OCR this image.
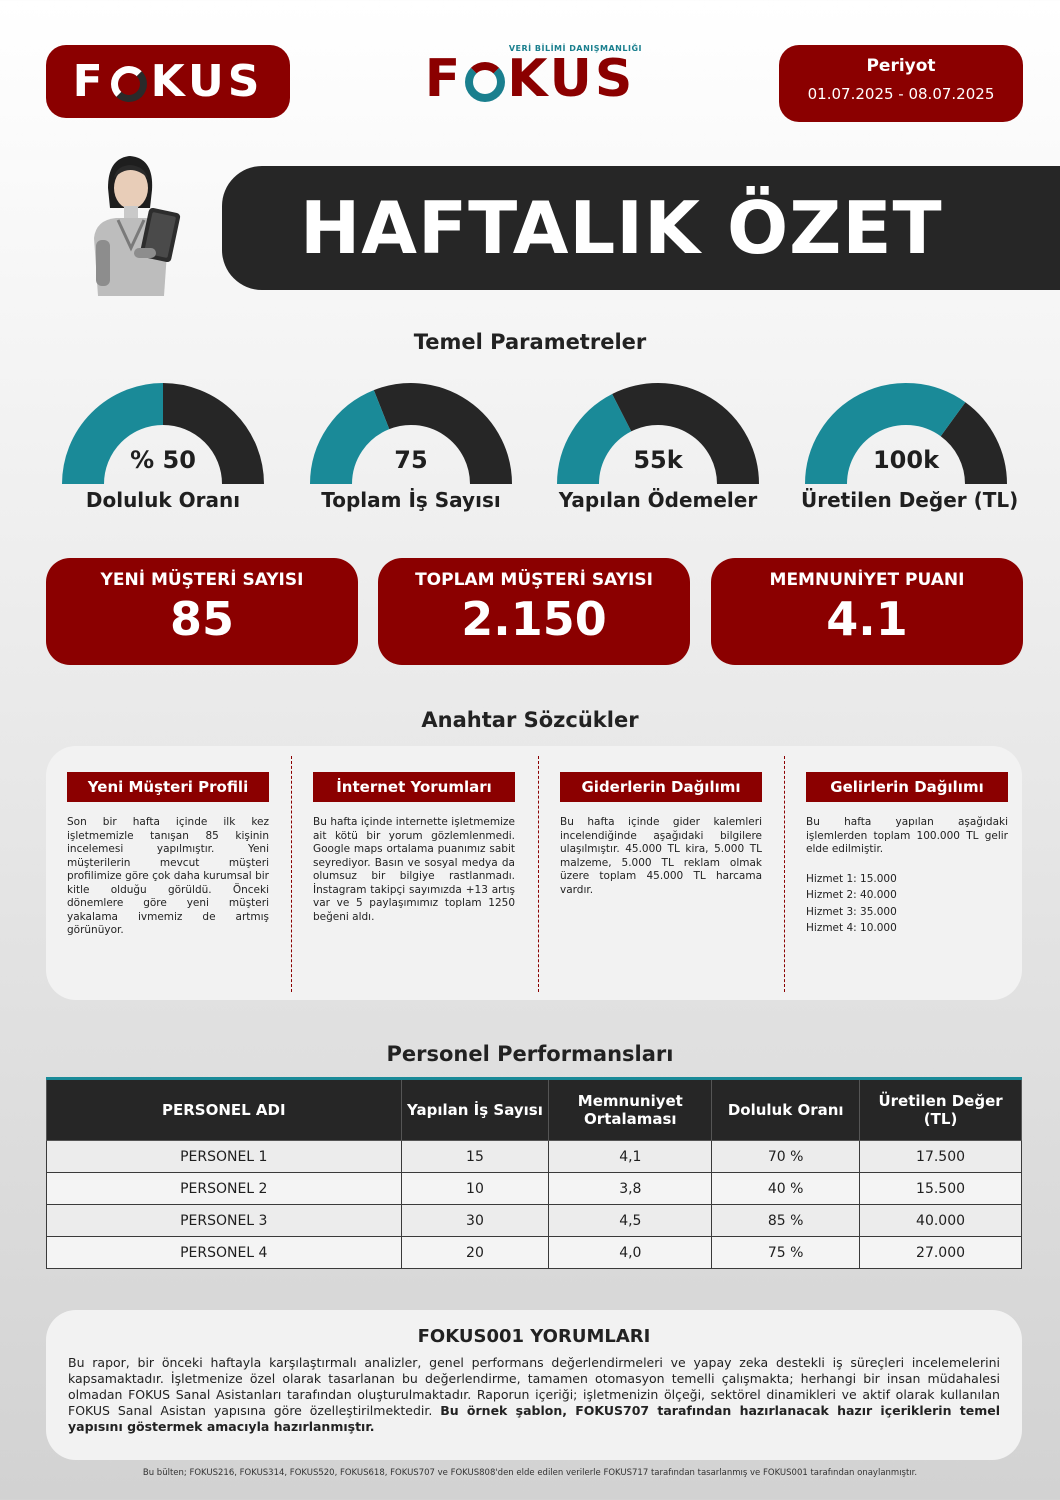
F KUS
VERİ BİLİMİ DANIŞMANLIĞI
F KUS	Periyot
01.07.2025 - 08.07.2025
HAFTALIK ÖZET
Temel Parametreler
% 50
Doluluk Oranı
75
Toplam İş Sayısı
55k
Yapılan Ödemeler
100k
Üretilen Değer (TL)
YENİ MÜŞTERİ SAYISI
85
TOPLAM MÜŞTERİ SAYISI
2.150
MEMNUNİYET PUANI
4.1
Anahtar Sözcükler
Yeni Müşteri Profili
Son bir hafta içinde ilk kez işletmemizle tanışan 85 kişinin incelemesi yapılmıştır. Yeni müşterilerin mevcut müşteri profilimize göre çok daha kurumsal bir kitle olduğu görüldü. Önceki dönemlere göre yeni müşteri yakalama ivmemiz de artmış görünüyor.
İnternet Yorumları
Bu hafta içinde internette işletmemize ait kötü bir yorum gözlemlenmedi. Google maps ortalama puanımız sabit seyrediyor. Basın ve sosyal medya da olumsuz bir bilgiye rastlanmadı. İnstagram takipçi sayımızda +13 artış var ve 5 paylaşımımız toplam 1250 beğeni aldı.
Giderlerin Dağılımı
Bu hafta içinde gider kalemleri incelendiğinde aşağıdaki bilgilere ulaşılmıştır. 45.000 TL kira, 5.000 TL malzeme, 5.000 TL reklam olmak üzere toplam 45.000 TL harcama vardır.
Gelirlerin Dağılımı
Bu hafta yapılan aşağıdaki işlemlerden toplam 100.000 TL gelir elde edilmiştir.
Hizmet 1: 15.000
Hizmet 2: 40.000
Hizmet 3: 35.000
Hizmet 4: 10.000
Personel Performansları
PERSONEL ADI	Yapılan İş Sayısı	Memnuniyet Ortalaması	Doluluk Oranı	Üretilen Değer (TL)
PERSONEL 1	15	4,1	70 %	17.500
PERSONEL 2	10	3,8	40 %	15.500
PERSONEL 3	30	4,5	85 %	40.000
PERSONEL 4	20	4,0	75 %	27.000
FOKUS001 YORUMLARI
Bu rapor, bir önceki haftayla karşılaştırmalı analizler, genel performans değerlendirmeleri ve yapay zeka destekli iş süreçleri incelemelerini kapsamaktadır. İşletmenize özel olarak tasarlanan bu değerlendirme, tamamen otomasyon temelli çalışmakta; herhangi bir insan müdahalesi olmadan FOKUS Sanal Asistanları tarafından oluşturulmaktadır. Raporun içeriği; işletmenizin ölçeği, sektörel dinamikleri ve aktif olarak kullanılan FOKUS Sanal Asistan yapısına göre özelleştirilmektedir. Bu örnek şablon, FOKUS707 tarafından hazırlanacak hazır içeriklerin temel yapısını göstermek amacıyla hazırlanmıştır.
Bu bülten; FOKUS216, FOKUS314, FOKUS520, FOKUS618, FOKUS707 ve FOKUS808'den elde edilen verilerle FOKUS717 tarafından tasarlanmış ve FOKUS001 tarafından onaylanmıştır.
